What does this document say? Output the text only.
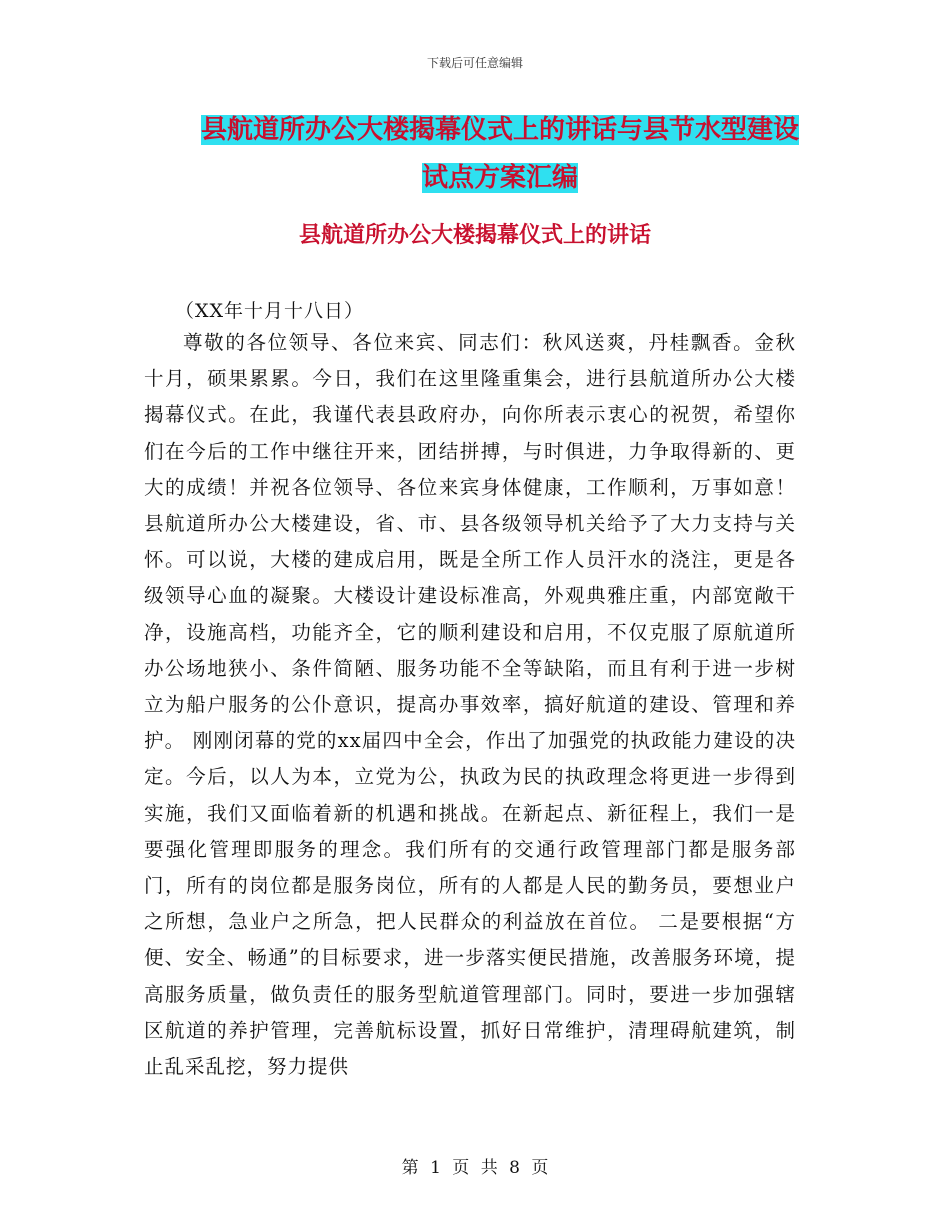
下载后可任意编辑
县航道所办公大楼揭幕仪式上的讲话与县节水型建设
试点方案汇编
县航道所办公大楼揭幕仪式上的讲话
（XX年十月十八日）
尊敬的各位领导、各位来宾、同志们：秋风送爽，丹桂飘香。金秋十月，硕果累累。今日，我们在这里隆重集会，进行县航道所办公大楼揭幕仪式。在此，我谨代表县政府办，向你所表示衷心的祝贺，希望你们在今后的工作中继往开来，团结拼搏，与时俱进，力争取得新的、更大的成绩！并祝各位领导、各位来宾身体健康，工作顺利，万事如意！ 县航道所办公大楼建设，省、市、县各级领导机关给予了大力支持与关怀。可以说，大楼的建成启用，既是全所工作人员汗水的浇注，更是各级领导心血的凝聚。大楼设计建设标准高，外观典雅庄重，内部宽敞干净，设施高档，功能齐全，它的顺利建设和启用，不仅克服了原航道所办公场地狭小、条件简陋、服务功能不全等缺陷，而且有利于进一步树立为船户服务的公仆意识，提高办事效率，搞好航道的建设、管理和养护。 刚刚闭幕的党的xx届四中全会，作出了加强党的执政能力建设的决定。今后，以人为本，立党为公，执政为民的执政理念将更进一步得到实施，我们又面临着新的机遇和挑战。在新起点、新征程上，我们一是要强化管理即服务的理念。我们所有的交通行政管理部门都是服务部门，所有的岗位都是服务岗位，所有的人都是人民的勤务员，要想业户之所想，急业户之所急，把人民群众的利益放在首位。 二是要根据“方便、安全、畅通”的目标要求，进一步落实便民措施，改善服务环境，提高服务质量，做负责任的服务型航道管理部门。同时，要进一步加强辖区航道的养护管理，完善航标设置，抓好日常维护，清理碍航建筑，制止乱采乱挖，努力提供
第 1 页 共 8 页
